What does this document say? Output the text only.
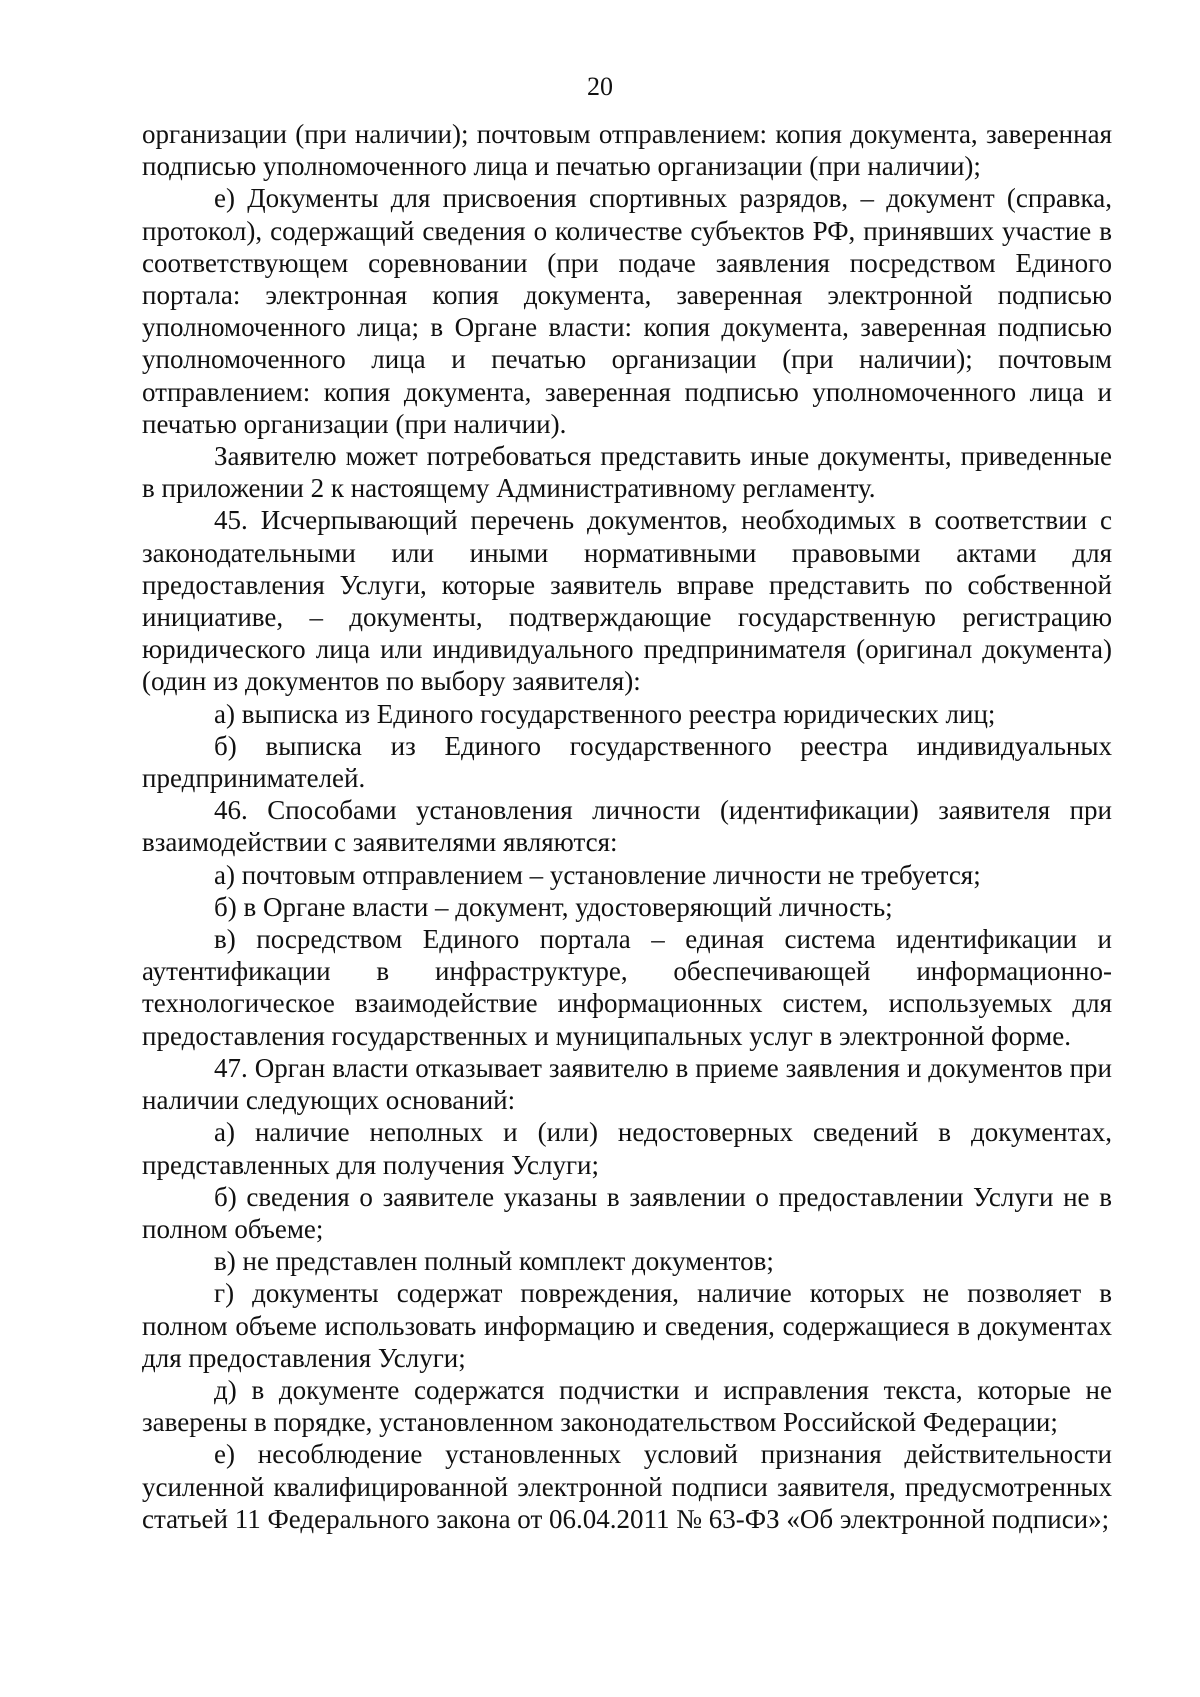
20

организации (при наличии); почтовым отправлением: копия документа, заверенная подписью уполномоченного лица и печатью организации (при наличии);

е) Документы для присвоения спортивных разрядов, – документ (справка, протокол), содержащий сведения о количестве субъектов РФ, принявших участие в соответствующем соревновании (при подаче заявления посредством Единого портала: электронная копия документа, заверенная электронной подписью уполномоченного лица; в Органе власти: копия документа, заверенная подписью уполномоченного лица и печатью организации (при наличии); почтовым отправлением: копия документа, заверенная подписью уполномоченного лица и печатью организации (при наличии).

Заявителю может потребоваться представить иные документы, приведенные в приложении 2 к настоящему Административному регламенту.

45. Исчерпывающий перечень документов, необходимых в соответствии с законодательными или иными нормативными правовыми актами для предоставления Услуги, которые заявитель вправе представить по собственной инициативе, – документы, подтверждающие государственную регистрацию юридического лица или индивидуального предпринимателя (оригинал документа) (один из документов по выбору заявителя):

а) выписка из Единого государственного реестра юридических лиц;

б) выписка из Единого государственного реестра индивидуальных предпринимателей.

46. Способами установления личности (идентификации) заявителя при взаимодействии с заявителями являются:

а) почтовым отправлением – установление личности не требуется;

б) в Органе власти – документ, удостоверяющий личность;

в) посредством Единого портала – единая система идентификации и аутентификации в инфраструктуре, обеспечивающей информационно-технологическое взаимодействие информационных систем, используемых для предоставления государственных и муниципальных услуг в электронной форме.

47. Орган власти отказывает заявителю в приеме заявления и документов при наличии следующих оснований:

а) наличие неполных и (или) недостоверных сведений в документах, представленных для получения Услуги;

б) сведения о заявителе указаны в заявлении о предоставлении Услуги не в полном объеме;

в) не представлен полный комплект документов;

г) документы содержат повреждения, наличие которых не позволяет в полном объеме использовать информацию и сведения, содержащиеся в документах для предоставления Услуги;

д) в документе содержатся подчистки и исправления текста, которые не заверены в порядке, установленном законодательством Российской Федерации;

е) несоблюдение установленных условий признания действительности усиленной квалифицированной электронной подписи заявителя, предусмотренных статьей 11 Федерального закона от 06.04.2011 № 63-ФЗ «Об электронной подписи»;
